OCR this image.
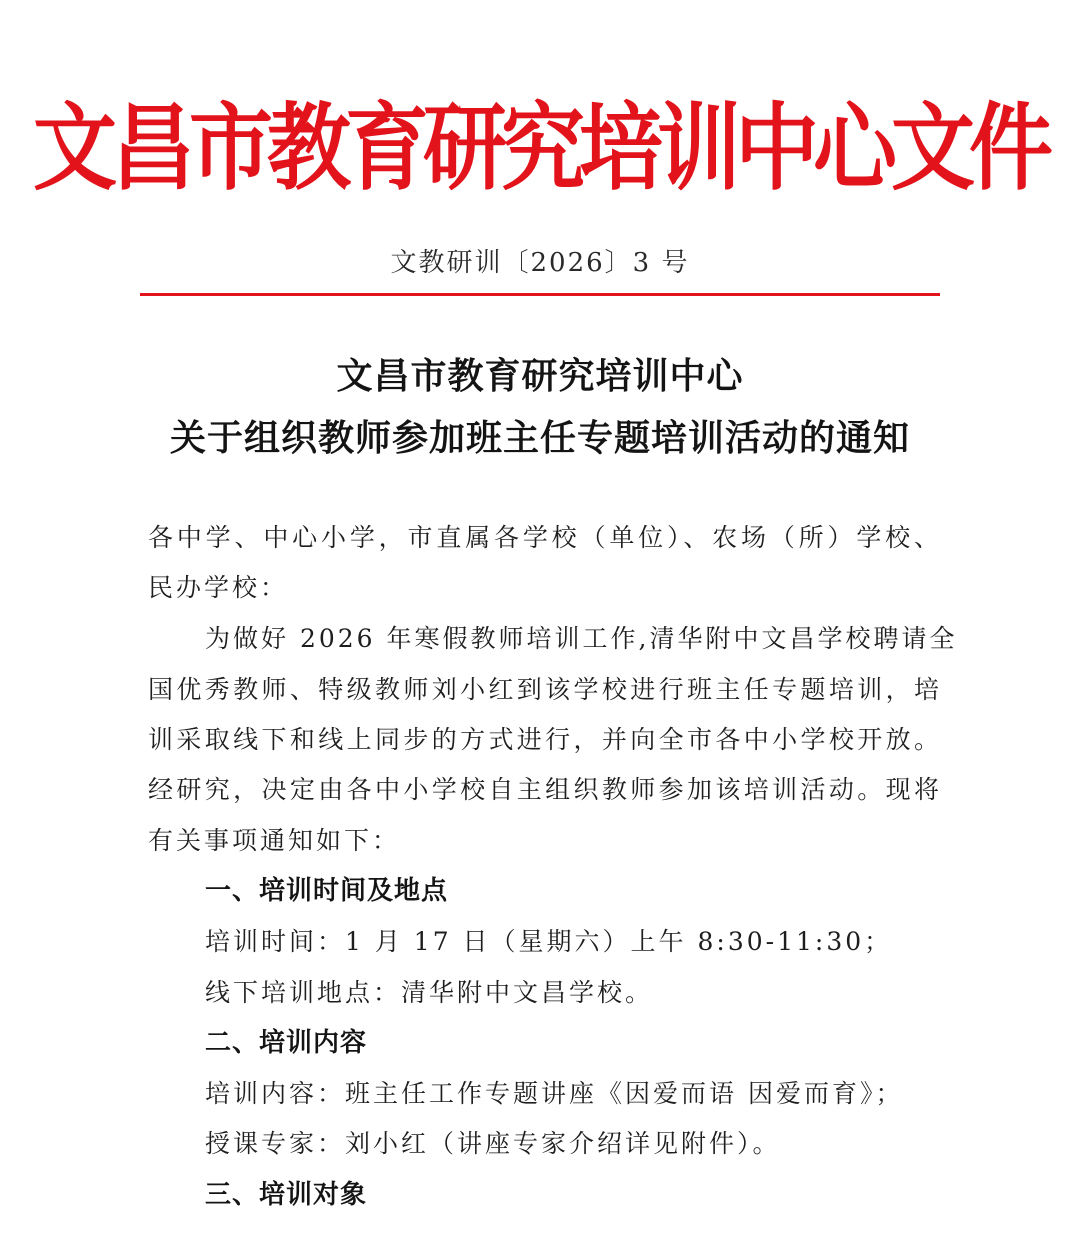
文昌市教育研究培训中心文件
文教研训〔2026〕3 号
文昌市教育研究培训中心
关于组织教师参加班主任专题培训活动的通知
各中学、中心小学，市直属各学校（单位）、农场（所）学校、
民办学校：
为做好 2026 年寒假教师培训工作,清华附中文昌学校聘请全
国优秀教师、特级教师刘小红到该学校进行班主任专题培训，培
训采取线下和线上同步的方式进行，并向全市各中小学校开放。
经研究，决定由各中小学校自主组织教师参加该培训活动。现将
有关事项通知如下：
一、培训时间及地点
培训时间：1 月 17 日（星期六）上午 8:30-11:30；
线下培训地点：清华附中文昌学校。
二、培训内容
培训内容：班主任工作专题讲座《因爱而语 因爱而育》；
授课专家：刘小红（讲座专家介绍详见附件）。
三、培训对象
